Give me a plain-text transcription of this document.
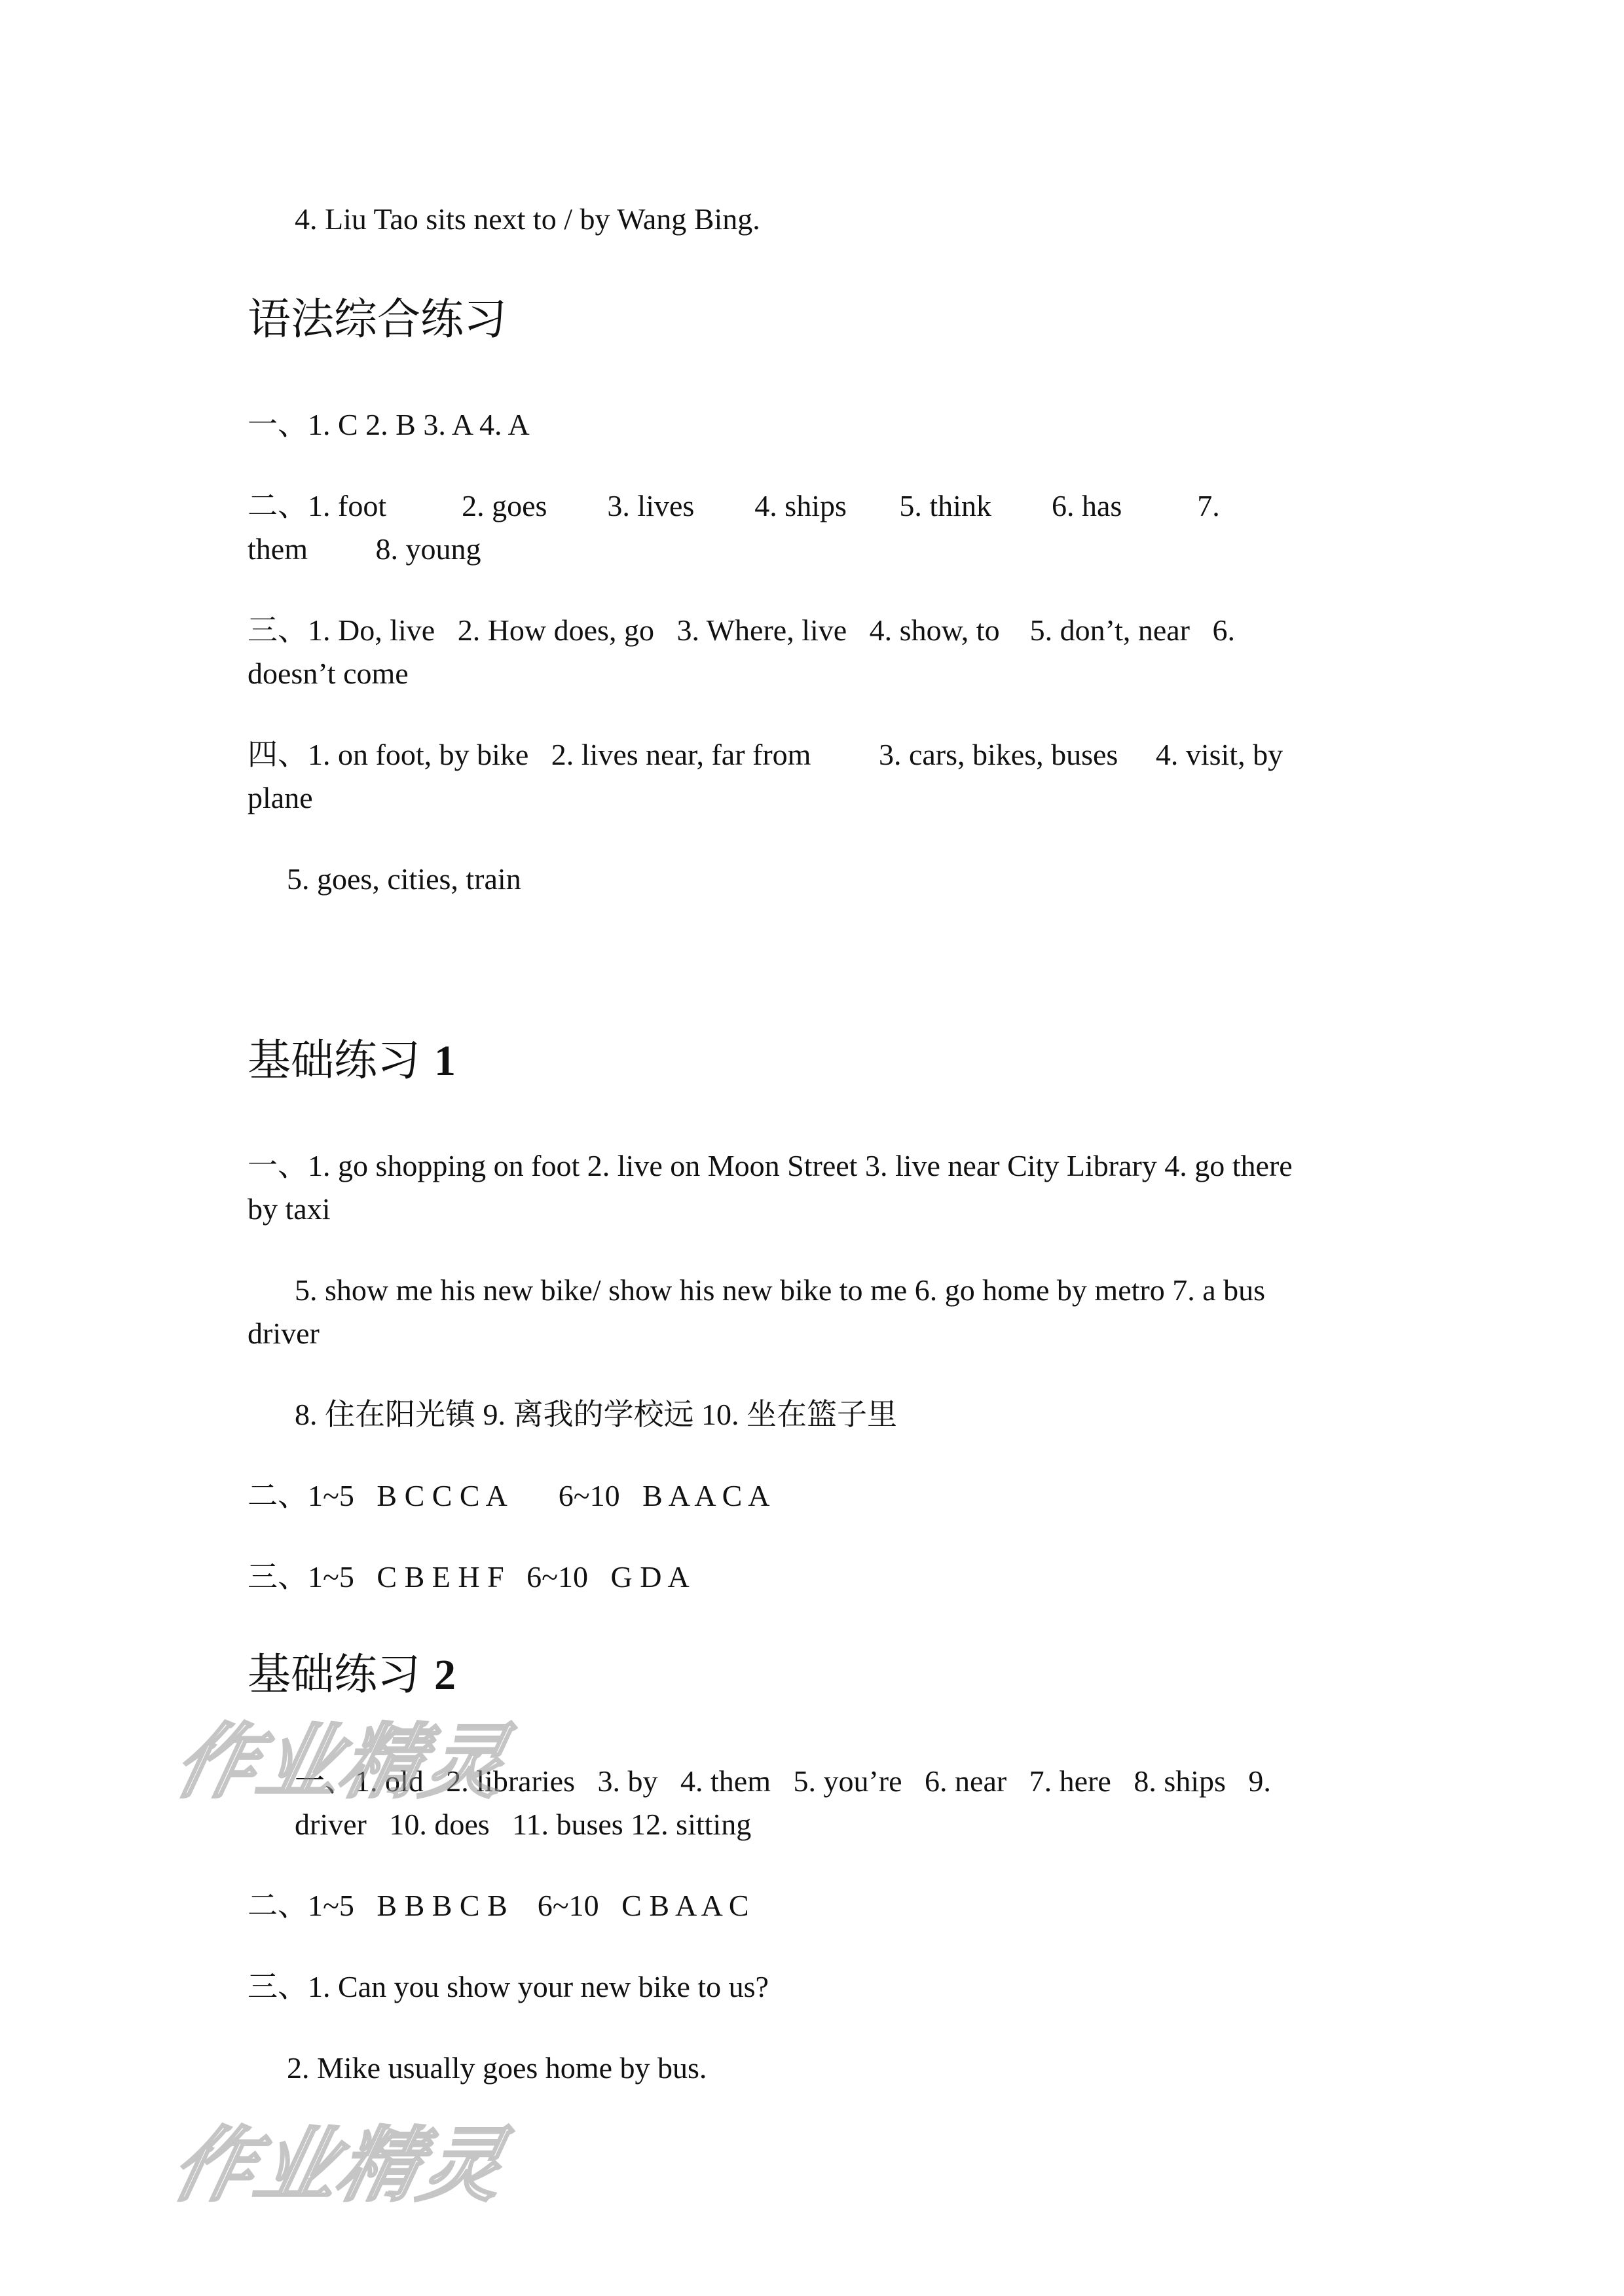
4. Liu Tao sits next to / by Wang Bing.
语法综合练习
一、1. C 2. B 3. A 4. A
二、1. foot          2. goes        3. lives        4. ships       5. think        6. has          7.
them         8. young
三、1. Do, live   2. How does, go   3. Where, live   4. show, to    5. don’t, near   6.
doesn’t come
四、1. on foot, by bike   2. lives near, far from         3. cars, bikes, buses     4. visit, by
plane
5. goes, cities, train
基础练习 1
一、1. go shopping on foot 2. live on Moon Street 3. live near City Library 4. go there
by taxi
5. show me his new bike/ show his new bike to me 6. go home by metro 7. a bus
driver
8. 住在阳光镇 9. 离我的学校远 10. 坐在篮子里
二、1~5   B C C C A       6~10   B A A C A
三、1~5   C B E H F   6~10   G D A
基础练习 2
一、1. old   2. libraries   3. by   4. them   5. you’re   6. near   7. here   8. ships   9.
driver   10. does   11. buses 12. sitting
二、1~5   B B B C B    6~10   C B A A C
三、1. Can you show your new bike to us?
2. Mike usually goes home by bus.
作业精灵
作业精灵
